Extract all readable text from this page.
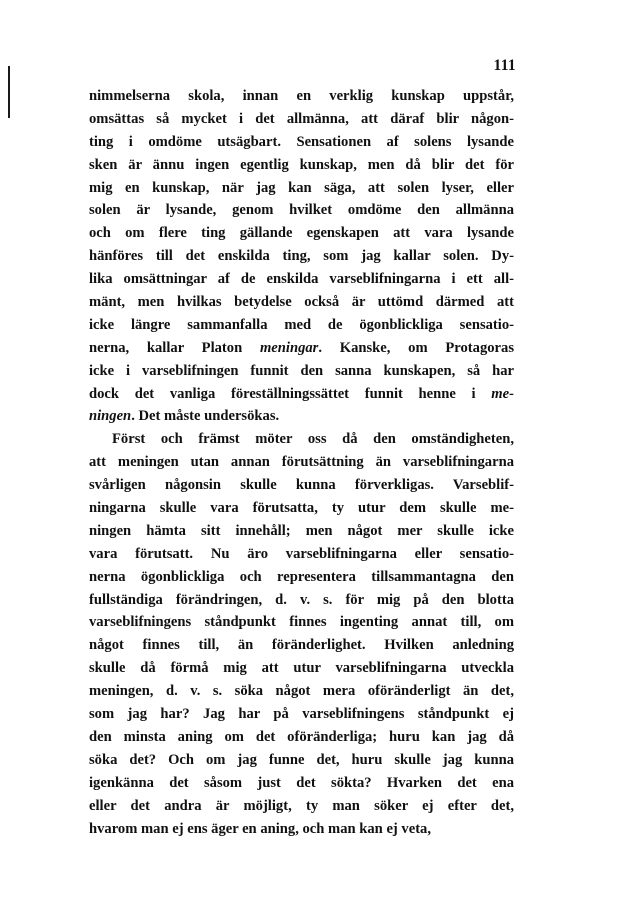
111
nimmelserna skola, innan en verklig kunskap uppstår,
omsättas så mycket i det allmänna, att däraf blir någon-
ting i omdöme utsägbart. Sensationen af solens lysande
sken är ännu ingen egentlig kunskap, men då blir det för
mig en kunskap, när jag kan säga, att solen lyser, eller
solen är lysande, genom hvilket omdöme den allmänna
och om flere ting gällande egenskapen att vara lysande
hänföres till det enskilda ting, som jag kallar solen. Dy-
lika omsättningar af de enskilda varseblifningarna i ett all-
mänt, men hvilkas betydelse också är uttömd därmed att
icke längre sammanfalla med de ögonblickliga sensatio-
nerna, kallar Platon meningar. Kanske, om Protagoras
icke i varseblifningen funnit den sanna kunskapen, så har
dock det vanliga föreställningssättet funnit henne i me-
ningen. Det måste undersökas.
Först och främst möter oss då den omständigheten,
att meningen utan annan förutsättning än varseblifningarna
svårligen någonsin skulle kunna förverkligas. Varseblif-
ningarna skulle vara förutsatta, ty utur dem skulle me-
ningen hämta sitt innehåll; men något mer skulle icke
vara förutsatt. Nu äro varseblifningarna eller sensatio-
nerna ögonblickliga och representera tillsammantagna den
fullständiga förändringen, d. v. s. för mig på den blotta
varseblifningens ståndpunkt finnes ingenting annat till, om
något finnes till, än föränderlighet. Hvilken anledning
skulle då förmå mig att utur varseblifningarna utveckla
meningen, d. v. s. söka något mera oföränderligt än det,
som jag har? Jag har på varseblifningens ståndpunkt ej
den minsta aning om det oföränderliga; huru kan jag då
söka det? Och om jag funne det, huru skulle jag kunna
igenkänna det såsom just det sökta? Hvarken det ena
eller det andra är möjligt, ty man söker ej efter det,
hvarom man ej ens äger en aning, och man kan ej veta,
